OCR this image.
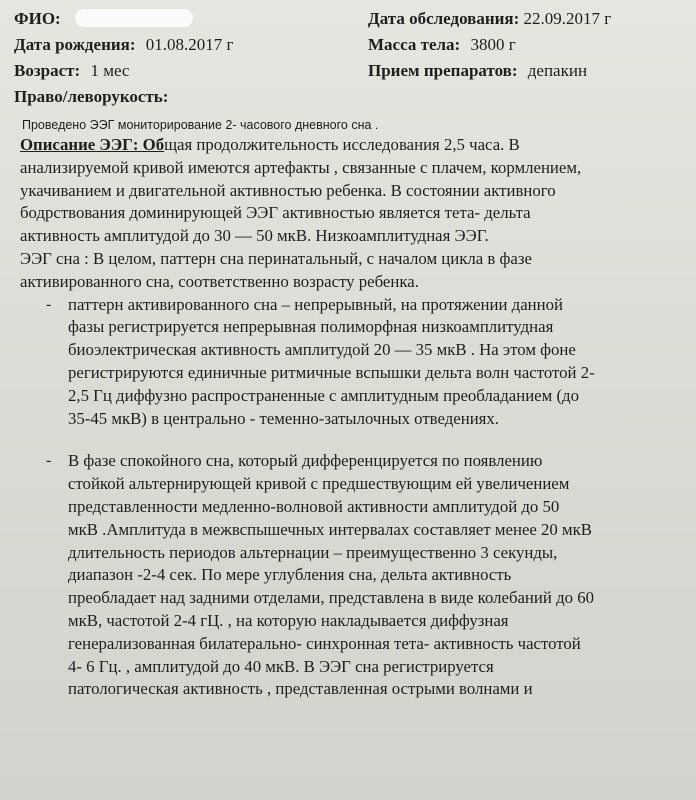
ФИО:	Дата обследования: 22.09.2017 г
Дата рождения: 01.08.2017 г	Масса тела: 3800 г
Возраст: 1 мес	Прием препаратов: депакин
Право/леворукость:
Проведено ЭЭГ мониторирование 2- часового дневного сна .
Описание ЭЭГ: Общая продолжительность исследования 2,5 часа. В
анализируемой кривой имеются артефакты , связанные с плачем, кормлением,
укачиванием и двигательной активностью ребенка. В состоянии активного
бодрствования доминирующей ЭЭГ активностью является тета- дельта
активность амплитудой до 30 — 50 мкВ. Низкоамплитудная ЭЭГ.
ЭЭГ сна : В целом, паттерн сна перинатальный, с началом цикла в фазе
активированного сна, соответственно возрасту ребенка.
- паттерн активированного сна – непрерывный, на протяжении данной
фазы регистрируется непрерывная полиморфная низкоамплитудная
биоэлектрическая активность амплитудой 20 — 35 мкВ . На этом фоне
регистрируются единичные ритмичные вспышки дельта волн частотой 2-
2,5 Гц диффузно распространенные с амплитудным преобладанием (до
35-45 мкВ) в центрально - теменно-затылочных отведениях.
- В фазе спокойного сна, который дифференцируется по появлению
стойкой альтернирующей кривой с предшествующим ей увеличением
представленности медленно-волновой активности амплитудой до 50
мкВ .Амплитуда в межвспышечных интервалах составляет менее 20 мкВ
длительность периодов альтернации – преимущественно 3 секунды,
диапазон -2-4 сек. По мере углубления сна, дельта активность
преобладает над задними отделами, представлена в виде колебаний до 60
мкВ, частотой 2-4 гЦ. , на которую накладывается диффузная
генерализованная билатерально- синхронная тета- активность частотой
4- 6 Гц. , амплитудой до 40 мкВ. В ЭЭГ сна регистрируется
патологическая активность , представленная острыми волнами и
